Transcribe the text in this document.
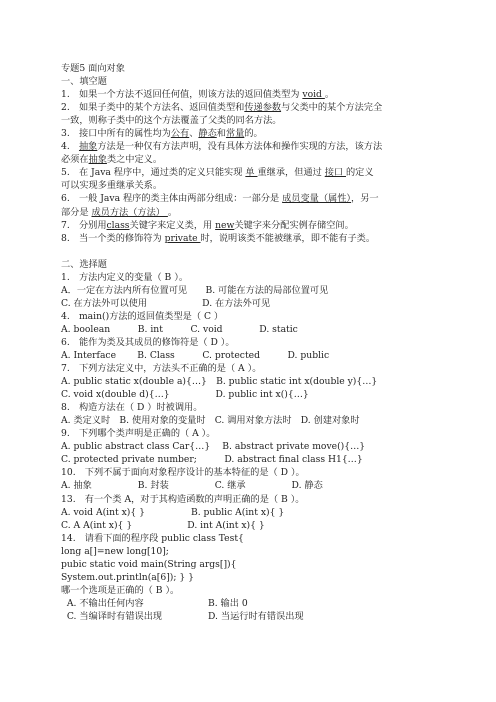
专题5 面向对象
一、填空题
1.　如果一个方法不返回任何值，则该方法的返回值类型为 void 。
2.　如果子类中的某个方法名、返回值类型和传递参数与父类中的某个方法完全
一致，则称子类中的这个方法覆盖了父类的同名方法。
3.　接口中所有的属性均为公有、静态和常量的。
4.　抽象方法是一种仅有方法声明，没有具体方法体和操作实现的方法，该方法
必须在抽象类之中定义。
5.　在 Java 程序中，通过类的定义只能实现 单 重继承，但通过 接口 的定义
可以实现多重继承关系。
6.　一般 Java 程序的类主体由两部分组成：一部分是 成员变量（属性），另一
部分是 成员方法（方法） 。
7.　分别用class关键字来定义类，用 new关键字来分配实例存储空间。
8.　当一个类的修饰符为 private 时，说明该类不能被继承，即不能有子类。
二、选择题
1.　方法内定义的变量（ B ）。
A．一定在方法内所有位置可见　　B. 可能在方法的局部位置可见
C. 在方法外可以使用　　　　　　D. 在方法外可见
4.　main()方法的返回值类型是（ C ）
A. boolean　　　B. int　　　C. void　　　　D. static
6.　能作为类及其成员的修饰符是（ D ）。
A. Interface　　 B. Class　　　C. protected　　　D. public
7.　下列方法定义中，方法头不正确的是（ A ）。
A. public static x(double a){…}　B. public static int x(double y){…}
C. void x(double d){…}　　　　　D. public int x(){…}
8.　构造方法在（ D ）时被调用。
A. 类定义时　B. 使用对象的变量时　C. 调用对象方法时　D. 创建对象时
9.　下列哪个类声明是正确的（ A ）。
A. public abstract class Car{…}　 B. abstract private move(){…}
C. protected private number;　　　D. abstract final class H1{…}
10.　下列不属于面向对象程序设计的基本特征的是（ D ）。
A. 抽象　　　　　B. 封装　　　　　C. 继承　　　　　D. 静态
13.　有一个类 A，对于其构造函数的声明正确的是（ B ）。
A. void A(int x){ }　　　　　B. public A(int x){ }
C. A A(int x){ }　　　　　　D. int A(int x){ }
14.　请看下面的程序段 public class Test{
long a[]=new long[10];
pubic static void main(String args[]){
System.out.println(a[6]); } }
哪一个选项是正确的（ B ）。
A. 不输出任何内容　　　　　　　B. 输出 0
C. 当编译时有错误出现　　　　　D. 当运行时有错误出现
